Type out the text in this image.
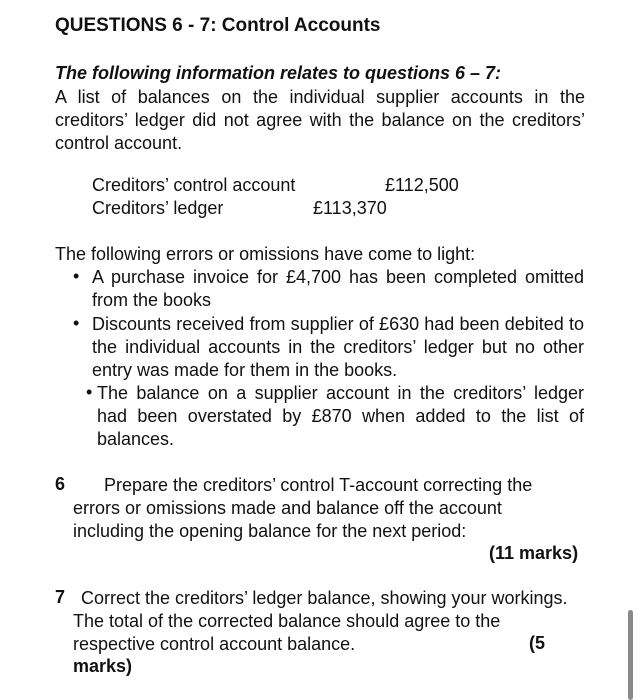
QUESTIONS 6 - 7: Control Accounts
The following information relates to questions 6 – 7:
A list of balances on the individual supplier accounts in the creditors’ ledger did not agree with the balance on the creditors’ control account.
Creditors’ control account	£112,500
Creditors’ ledger	£113,370
The following errors or omissions have come to light:
• A purchase invoice for £4,700 has been completed omitted from the books
• Discounts received from supplier of £630 had been debited to the individual accounts in the creditors’ ledger but no other entry was made for them in the books.
• The balance on a supplier account in the creditors’ ledger had been overstated by £870 when added to the list of balances.
6	Prepare the creditors’ control T-account correcting the errors or omissions made and balance off the account including the opening balance for the next period:
(11 marks)
7 Correct the creditors’ ledger balance, showing your workings. The total of the corrected balance should agree to the respective control account balance.	(5
marks)
